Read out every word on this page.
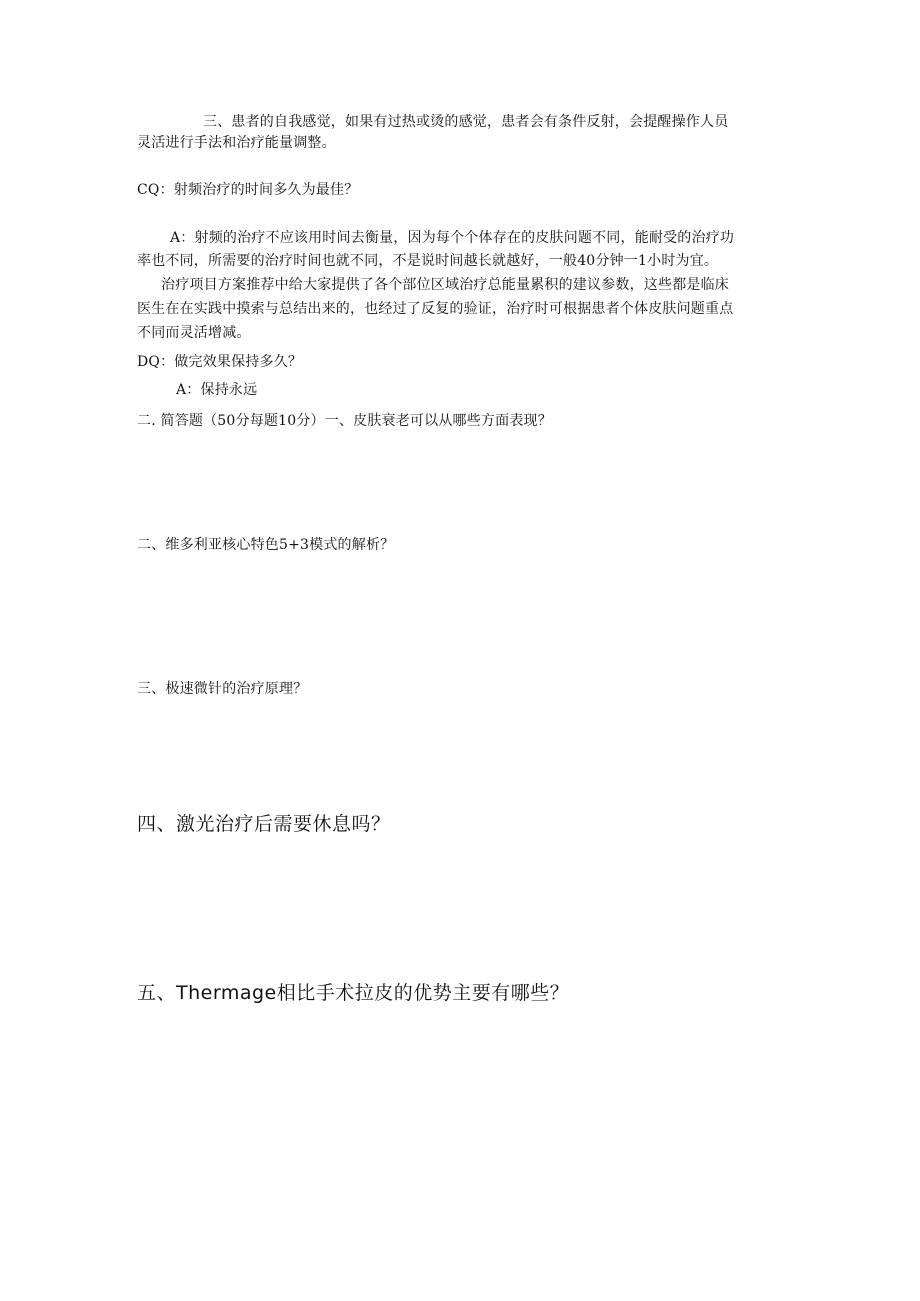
三、患者的自我感觉，如果有过热或烫的感觉，患者会有条件反射，会提醒操作人员
灵活进行手法和治疗能量调整。
CQ：射频治疗的时间多久为最佳？
A：射频的治疗不应该用时间去衡量，因为每个个体存在的皮肤问题不同，能耐受的治疗功
率也不同，所需要的治疗时间也就不同，不是说时间越长就越好，一般40分钟一1小时为宜。
治疗项目方案推荐中给大家提供了各个部位区域治疗总能量累积的建议参数，这些都是临床
医生在在实践中摸索与总结出来的，也经过了反复的验证，治疗时可根据患者个体皮肤问题重点
不同而灵活增减。
DQ：做完效果保持多久？
A：保持永远
二. 简答题（50分每题10分）一、皮肤衰老可以从哪些方面表现？
二、维多利亚核心特色5+3模式的解析？
三、极速微针的治疗原理？
四、激光治疗后需要休息吗？
五、Thermage相比手术拉皮的优势主要有哪些？
